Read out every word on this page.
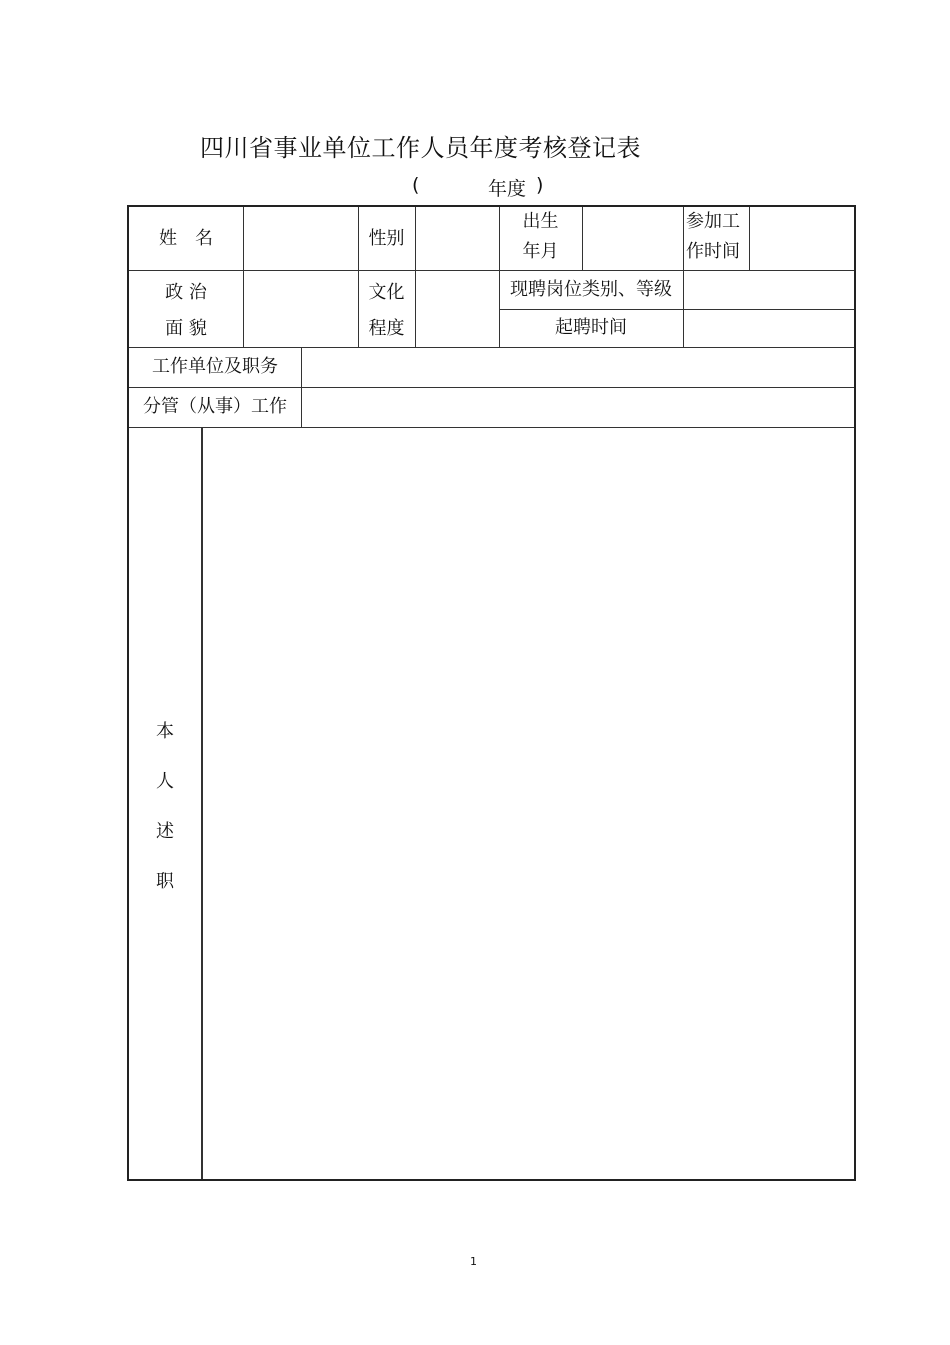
四川省事业单位工作人员年度考核登记表
(	年度 )
姓　名	性别
出生
年月
参加工
作时间
政 治
面 貌
文化
程度
现聘岗位类别、等级
起聘时间
工作单位及职务
分管（从事）工作
本
人
述
职
1
